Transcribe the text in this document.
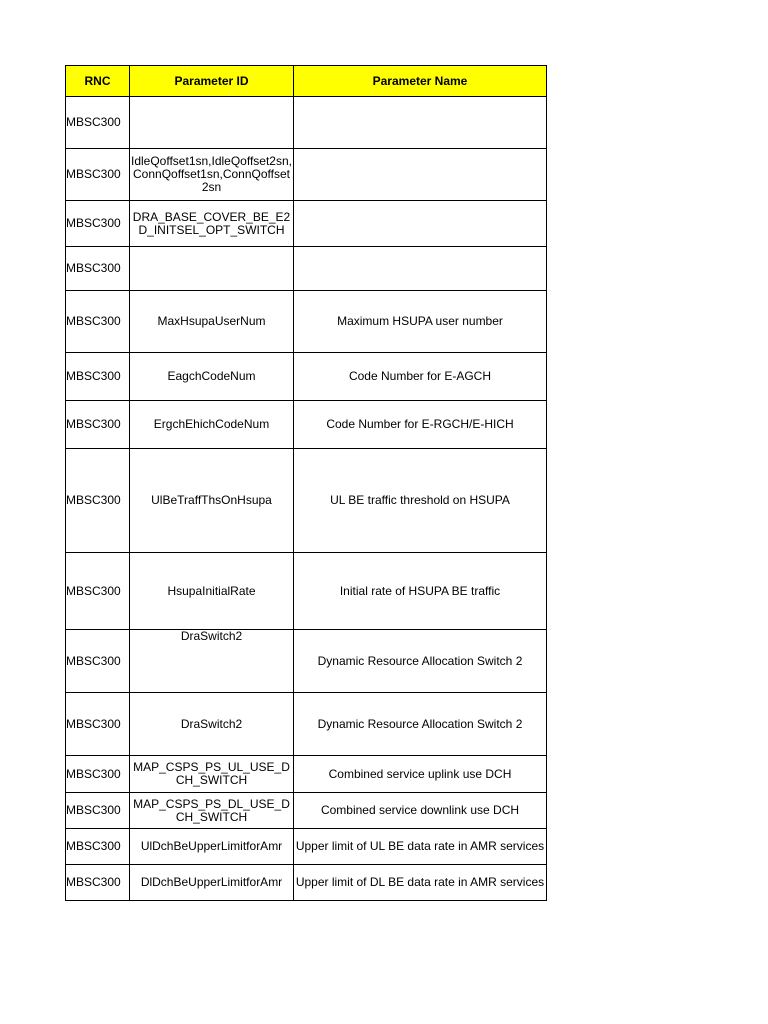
RNC	Parameter ID	Parameter Name
MBSC300		
MBSC300	IdleQoffset1sn,IdleQoffset2sn,ConnQoffset1sn,ConnQoffset2sn	
MBSC300	DRA_BASE_COVER_BE_E2D_INITSEL_OPT_SWITCH	
MBSC300		
MBSC300	MaxHsupaUserNum	Maximum HSUPA user number
MBSC300	EagchCodeNum	Code Number for E-AGCH
MBSC300	ErgchEhichCodeNum	Code Number for E-RGCH/E-HICH
MBSC300	UlBeTraffThsOnHsupa	UL BE traffic threshold on HSUPA
MBSC300	HsupaInitialRate	Initial rate of HSUPA BE traffic
MBSC300	DraSwitch2	Dynamic Resource Allocation Switch 2
MBSC300	DraSwitch2	Dynamic Resource Allocation Switch 2
MBSC300	MAP_CSPS_PS_UL_USE_DCH_SWITCH	Combined service uplink use DCH
MBSC300	MAP_CSPS_PS_DL_USE_DCH_SWITCH	Combined service downlink use DCH
MBSC300	UlDchBeUpperLimitforAmr	Upper limit of UL BE data rate in AMR services
MBSC300	DlDchBeUpperLimitforAmr	Upper limit of DL BE data rate in AMR services
